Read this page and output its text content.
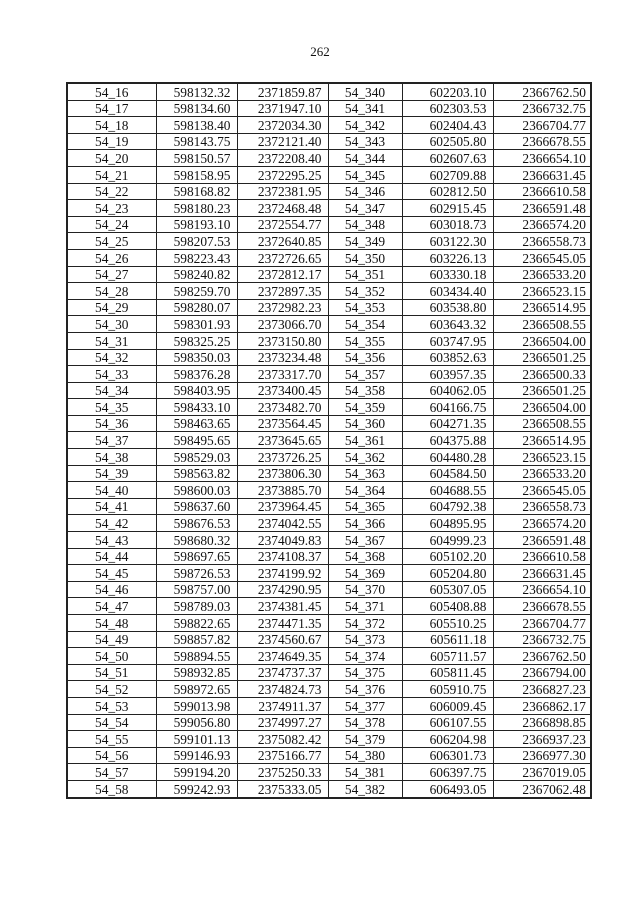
262
54_16	598132.32	2371859.87	54_340	602203.10	2366762.50
54_17	598134.60	2371947.10	54_341	602303.53	2366732.75
54_18	598138.40	2372034.30	54_342	602404.43	2366704.77
54_19	598143.75	2372121.40	54_343	602505.80	2366678.55
54_20	598150.57	2372208.40	54_344	602607.63	2366654.10
54_21	598158.95	2372295.25	54_345	602709.88	2366631.45
54_22	598168.82	2372381.95	54_346	602812.50	2366610.58
54_23	598180.23	2372468.48	54_347	602915.45	2366591.48
54_24	598193.10	2372554.77	54_348	603018.73	2366574.20
54_25	598207.53	2372640.85	54_349	603122.30	2366558.73
54_26	598223.43	2372726.65	54_350	603226.13	2366545.05
54_27	598240.82	2372812.17	54_351	603330.18	2366533.20
54_28	598259.70	2372897.35	54_352	603434.40	2366523.15
54_29	598280.07	2372982.23	54_353	603538.80	2366514.95
54_30	598301.93	2373066.70	54_354	603643.32	2366508.55
54_31	598325.25	2373150.80	54_355	603747.95	2366504.00
54_32	598350.03	2373234.48	54_356	603852.63	2366501.25
54_33	598376.28	2373317.70	54_357	603957.35	2366500.33
54_34	598403.95	2373400.45	54_358	604062.05	2366501.25
54_35	598433.10	2373482.70	54_359	604166.75	2366504.00
54_36	598463.65	2373564.45	54_360	604271.35	2366508.55
54_37	598495.65	2373645.65	54_361	604375.88	2366514.95
54_38	598529.03	2373726.25	54_362	604480.28	2366523.15
54_39	598563.82	2373806.30	54_363	604584.50	2366533.20
54_40	598600.03	2373885.70	54_364	604688.55	2366545.05
54_41	598637.60	2373964.45	54_365	604792.38	2366558.73
54_42	598676.53	2374042.55	54_366	604895.95	2366574.20
54_43	598680.32	2374049.83	54_367	604999.23	2366591.48
54_44	598697.65	2374108.37	54_368	605102.20	2366610.58
54_45	598726.53	2374199.92	54_369	605204.80	2366631.45
54_46	598757.00	2374290.95	54_370	605307.05	2366654.10
54_47	598789.03	2374381.45	54_371	605408.88	2366678.55
54_48	598822.65	2374471.35	54_372	605510.25	2366704.77
54_49	598857.82	2374560.67	54_373	605611.18	2366732.75
54_50	598894.55	2374649.35	54_374	605711.57	2366762.50
54_51	598932.85	2374737.37	54_375	605811.45	2366794.00
54_52	598972.65	2374824.73	54_376	605910.75	2366827.23
54_53	599013.98	2374911.37	54_377	606009.45	2366862.17
54_54	599056.80	2374997.27	54_378	606107.55	2366898.85
54_55	599101.13	2375082.42	54_379	606204.98	2366937.23
54_56	599146.93	2375166.77	54_380	606301.73	2366977.30
54_57	599194.20	2375250.33	54_381	606397.75	2367019.05
54_58	599242.93	2375333.05	54_382	606493.05	2367062.48
